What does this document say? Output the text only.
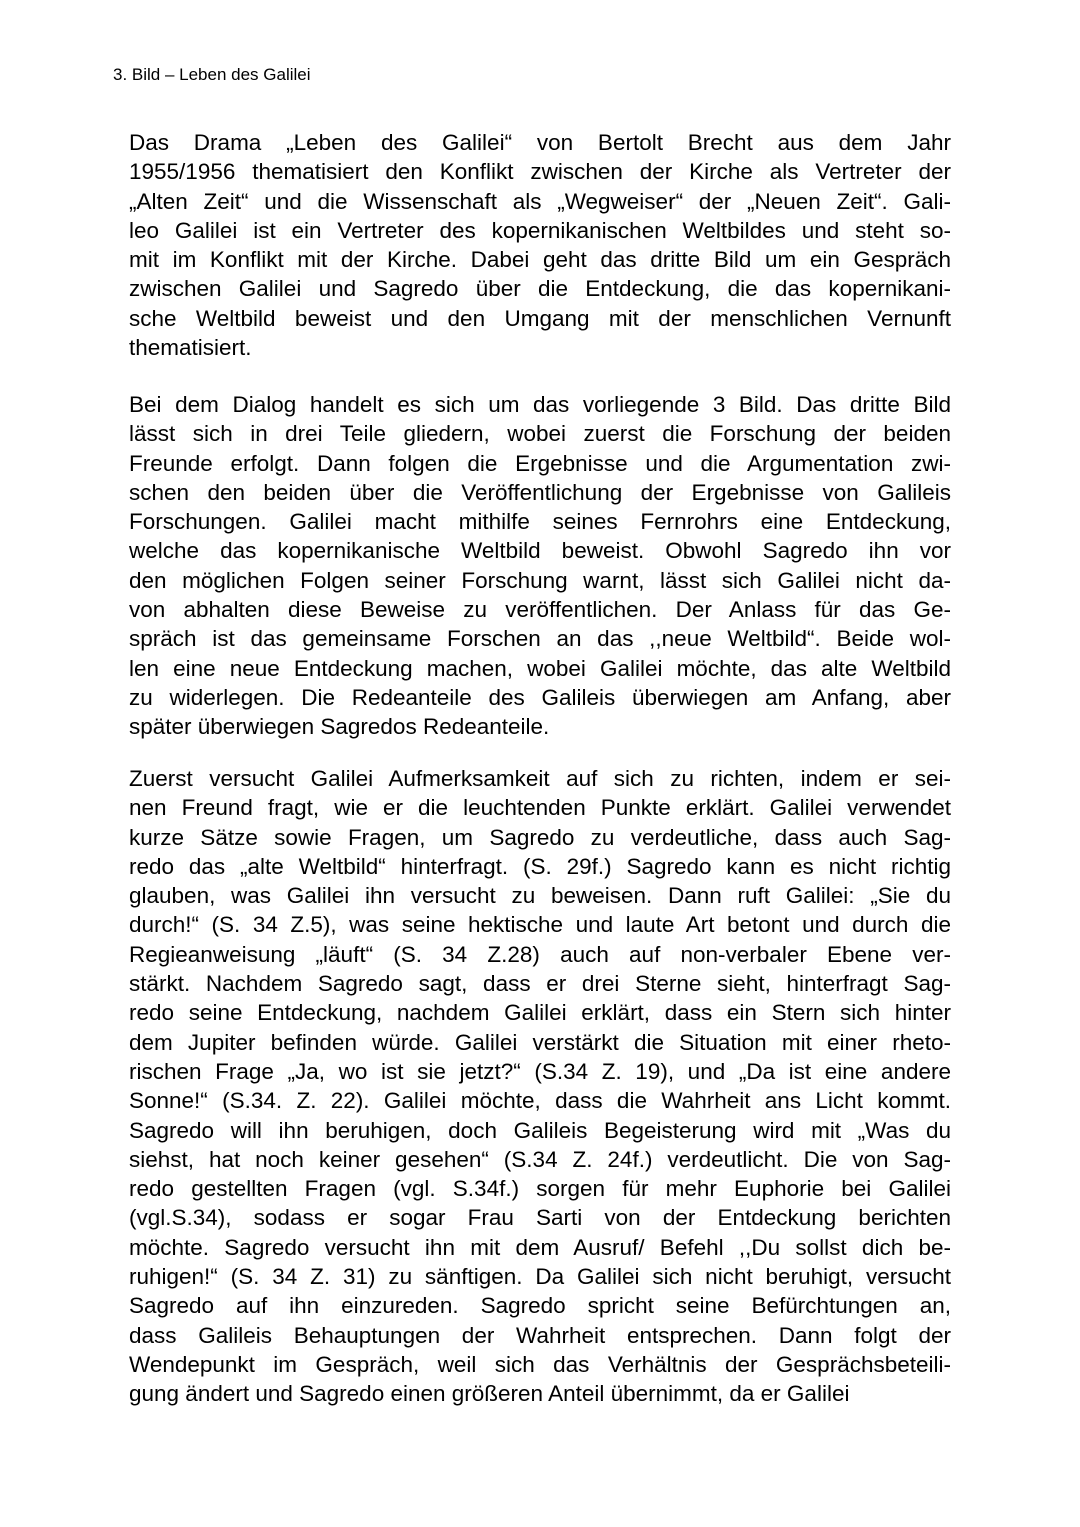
3. Bild – Leben des Galilei
Das Drama „Leben des Galilei“ von Bertolt Brecht aus dem Jahr
1955/1956 thematisiert den Konflikt zwischen der Kirche als Vertreter der
„Alten Zeit“ und die Wissenschaft als „Wegweiser“ der „Neuen Zeit“. Gali-
leo Galilei ist ein Vertreter des kopernikanischen Weltbildes und steht so-
mit im Konflikt mit der Kirche. Dabei geht das dritte Bild um ein Gespräch
zwischen Galilei und Sagredo über die Entdeckung, die das kopernikani-
sche Weltbild beweist und den Umgang mit der menschlichen Vernunft
thematisiert.
Bei dem Dialog handelt es sich um das vorliegende 3 Bild. Das dritte Bild
lässt sich in drei Teile gliedern, wobei zuerst die Forschung der beiden
Freunde erfolgt. Dann folgen die Ergebnisse und die Argumentation zwi-
schen den beiden über die Veröffentlichung der Ergebnisse von Galileis
Forschungen. Galilei macht mithilfe seines Fernrohrs eine Entdeckung,
welche das kopernikanische Weltbild beweist. Obwohl Sagredo ihn vor
den möglichen Folgen seiner Forschung warnt, lässt sich Galilei nicht da-
von abhalten diese Beweise zu veröffentlichen. Der Anlass für das Ge-
spräch ist das gemeinsame Forschen an das ,,neue Weltbild“. Beide wol-
len eine neue Entdeckung machen, wobei Galilei möchte, das alte Weltbild
zu widerlegen. Die Redeanteile des Galileis überwiegen am Anfang, aber
später überwiegen Sagredos Redeanteile.
Zuerst versucht Galilei Aufmerksamkeit auf sich zu richten, indem er sei-
nen Freund fragt, wie er die leuchtenden Punkte erklärt. Galilei verwendet
kurze Sätze sowie Fragen, um Sagredo zu verdeutliche, dass auch Sag-
redo das „alte Weltbild“ hinterfragt. (S. 29f.) Sagredo kann es nicht richtig
glauben, was Galilei ihn versucht zu beweisen. Dann ruft Galilei: „Sie du
durch!“ (S. 34 Z.5), was seine hektische und laute Art betont und durch die
Regieanweisung „läuft“ (S. 34 Z.28) auch auf non-verbaler Ebene ver-
stärkt. Nachdem Sagredo sagt, dass er drei Sterne sieht, hinterfragt Sag-
redo seine Entdeckung, nachdem Galilei erklärt, dass ein Stern sich hinter
dem Jupiter befinden würde. Galilei verstärkt die Situation mit einer rheto-
rischen Frage „Ja, wo ist sie jetzt?“ (S.34 Z. 19), und „Da ist eine andere
Sonne!“ (S.34. Z. 22). Galilei möchte, dass die Wahrheit ans Licht kommt.
Sagredo will ihn beruhigen, doch Galileis Begeisterung wird mit „Was du
siehst, hat noch keiner gesehen“ (S.34 Z. 24f.) verdeutlicht. Die von Sag-
redo gestellten Fragen (vgl. S.34f.) sorgen für mehr Euphorie bei Galilei
(vgl.S.34), sodass er sogar Frau Sarti von der Entdeckung berichten
möchte. Sagredo versucht ihn mit dem Ausruf/ Befehl ,,Du sollst dich be-
ruhigen!“ (S. 34 Z. 31) zu sänftigen. Da Galilei sich nicht beruhigt, versucht
Sagredo auf ihn einzureden. Sagredo spricht seine Befürchtungen an,
dass Galileis Behauptungen der Wahrheit entsprechen. Dann folgt der
Wendepunkt im Gespräch, weil sich das Verhältnis der Gesprächsbeteili-
gung ändert und Sagredo einen größeren Anteil übernimmt, da er Galilei
